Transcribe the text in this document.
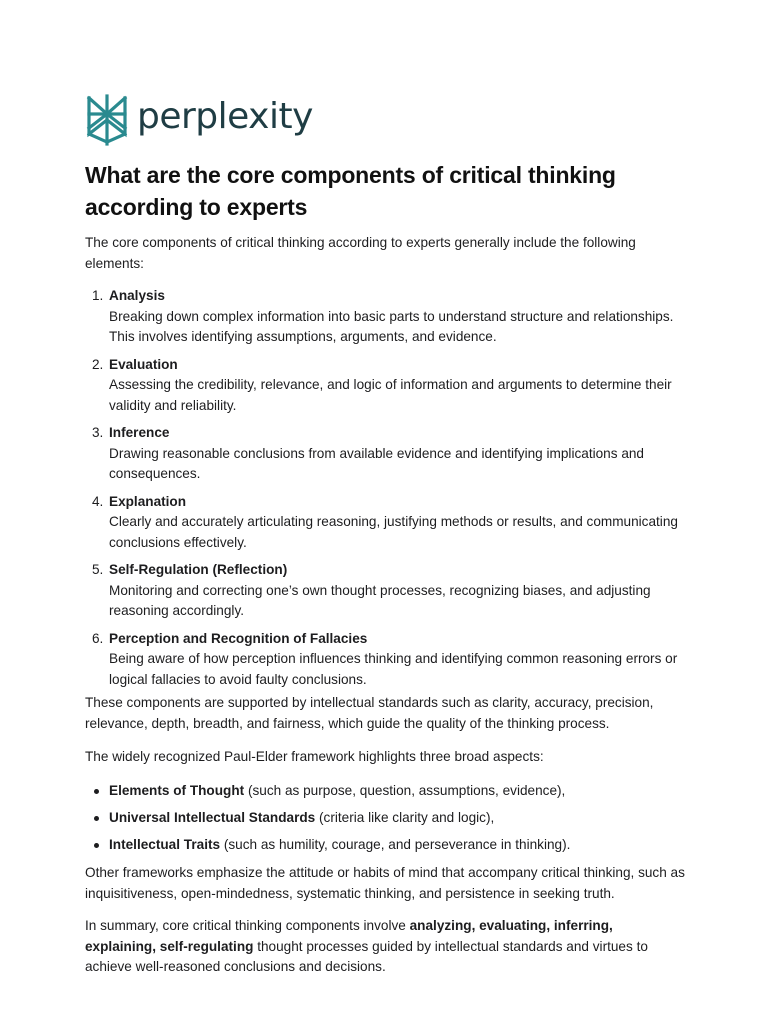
perplexity
What are the core components of critical thinking according to experts

The core components of critical thinking according to experts generally include the following elements:

1. Analysis
Breaking down complex information into basic parts to understand structure and relationships. This involves identifying assumptions, arguments, and evidence.
2. Evaluation
Assessing the credibility, relevance, and logic of information and arguments to determine their validity and reliability.
3. Inference
Drawing reasonable conclusions from available evidence and identifying implications and consequences.
4. Explanation
Clearly and accurately articulating reasoning, justifying methods or results, and communicating conclusions effectively.
5. Self-Regulation (Reflection)
Monitoring and correcting one’s own thought processes, recognizing biases, and adjusting reasoning accordingly.
6. Perception and Recognition of Fallacies
Being aware of how perception influences thinking and identifying common reasoning errors or logical fallacies to avoid faulty conclusions.

These components are supported by intellectual standards such as clarity, accuracy, precision, relevance, depth, breadth, and fairness, which guide the quality of the thinking process.

The widely recognized Paul-Elder framework highlights three broad aspects:

Elements of Thought (such as purpose, question, assumptions, evidence),
Universal Intellectual Standards (criteria like clarity and logic),
Intellectual Traits (such as humility, courage, and perseverance in thinking).

Other frameworks emphasize the attitude or habits of mind that accompany critical thinking, such as inquisitiveness, open-mindedness, systematic thinking, and persistence in seeking truth.

In summary, core critical thinking components involve analyzing, evaluating, inferring, explaining, self-regulating thought processes guided by intellectual standards and virtues to achieve well-reasoned conclusions and decisions.
